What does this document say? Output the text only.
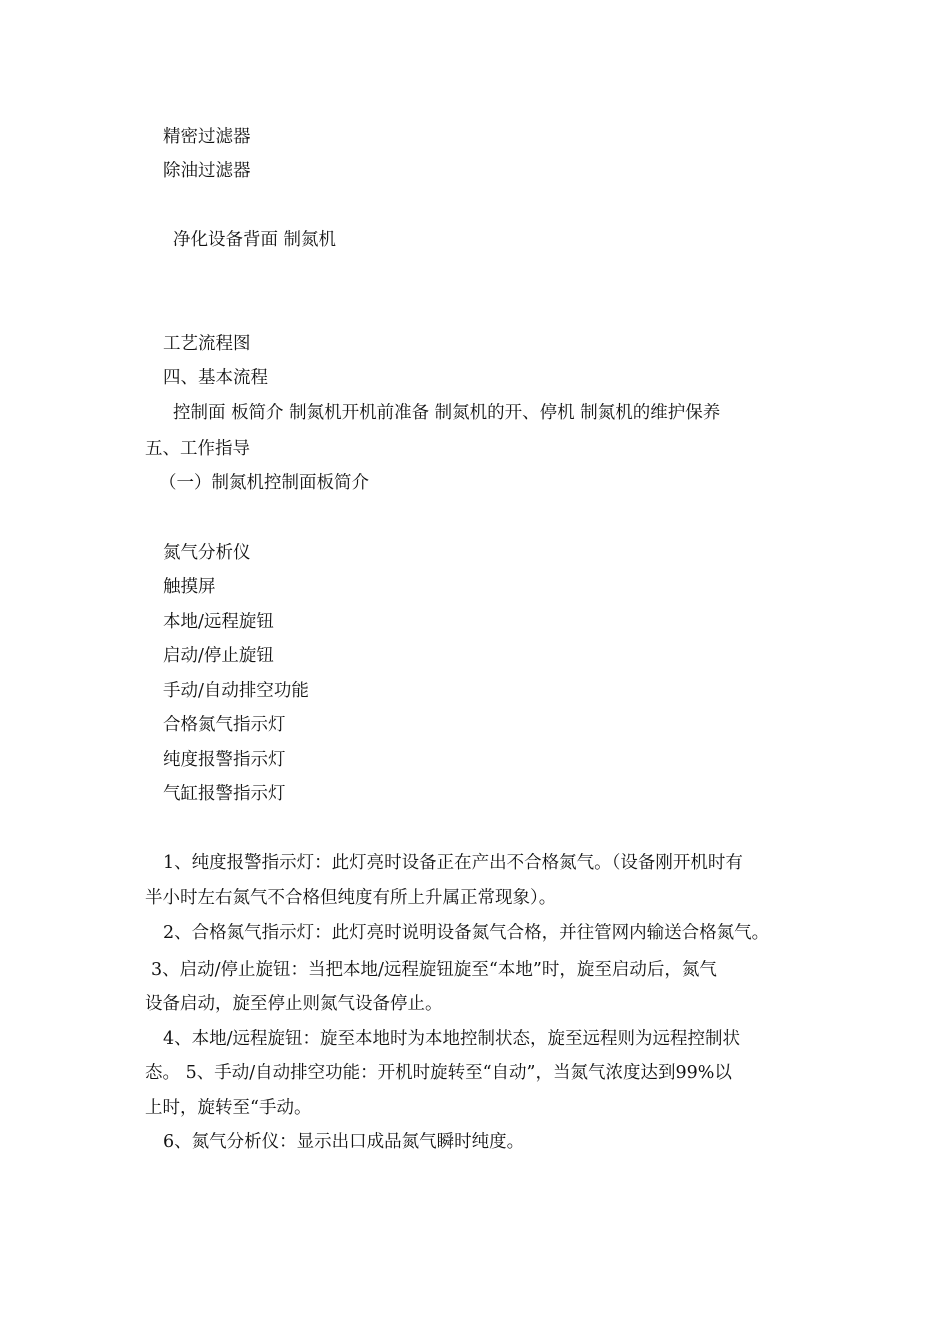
精密过滤器
除油过滤器
净化设备背面 制氮机
工艺流程图
四、基本流程
控制面 板简介 制氮机开机前准备 制氮机的开、停机 制氮机的维护保养
五、工作指导
（一）制氮机控制面板简介
氮气分析仪
触摸屏
本地/远程旋钮
启动/停止旋钮
手动/自动排空功能
合格氮气指示灯
纯度报警指示灯
气缸报警指示灯
1、纯度报警指示灯：此灯亮时设备正在产出不合格氮气。（设备刚开机时有
半小时左右氮气不合格但纯度有所上升属正常现象）。
2、合格氮气指示灯：此灯亮时说明设备氮气合格，并往管网内输送合格氮气。
3、启动/停止旋钮：当把本地/远程旋钮旋至“本地”时，旋至启动后，氮气
设备启动，旋至停止则氮气设备停止。
4、本地/远程旋钮：旋至本地时为本地控制状态，旋至远程则为远程控制状
态。 5、手动/自动排空功能：开机时旋转至“自动”，当氮气浓度达到99%以
上时，旋转至“手动。
6、氮气分析仪：显示出口成品氮气瞬时纯度。
